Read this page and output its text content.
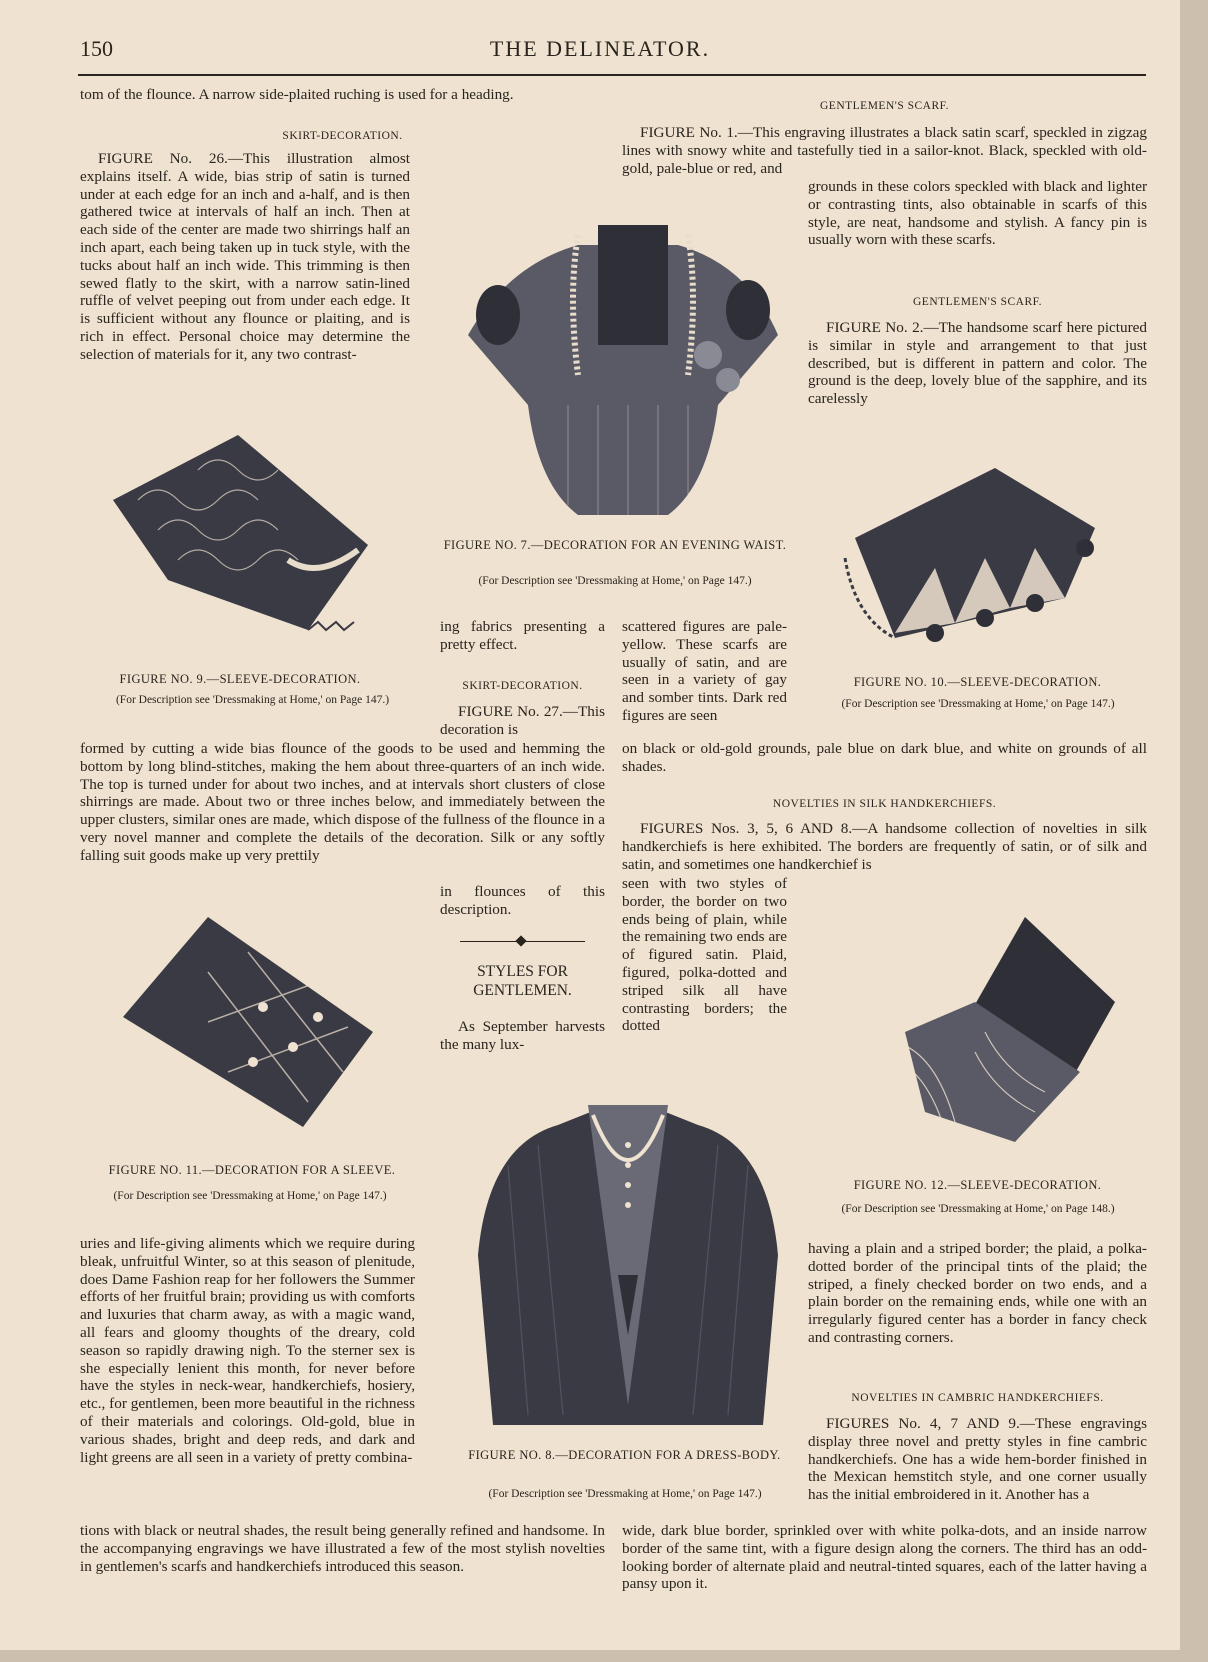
150	THE DELINEATOR.

tom of the flounce. A narrow side-plaited ruching is used for a heading.

SKIRT-DECORATION.

FIGURE No. 26.—This illustration almost explains itself. A wide, bias strip of satin is turned under at each edge for an inch and a-half, and is then gathered twice at intervals of half an inch. Then at each side of the center are made two shirrings half an inch apart, each being taken up in tuck style, with the tucks about half an inch wide. This trimming is then sewed flatly to the skirt, with a narrow satin-lined ruffle of velvet peeping out from under each edge. It is sufficient without any flounce or plaiting, and is rich in effect. Personal choice may determine the selection of materials for it, any two contrast-

FIGURE NO. 9.—SLEEVE-DECORATION.
(For Description see 'Dressmaking at Home,' on Page 147.)
FIGURE NO. 7.—DECORATION FOR AN EVENING WAIST.
(For Description see 'Dressmaking at Home,' on Page 147.)

ing fabrics presenting a pretty effect.

SKIRT-DECORATION.

FIGURE No. 27.—This decoration is

scattered figures are pale-yellow. These scarfs are usually of satin, and are seen in a variety of gay and somber tints. Dark red figures are seen

GENTLEMEN'S SCARF.

FIGURE No. 1.—This engraving illustrates a black satin scarf, speckled in zigzag lines with snowy white and tastefully tied in a sailor-knot. Black, speckled with old-gold, pale-blue or red, and

grounds in these colors speckled with black and lighter or contrasting tints, also obtainable in scarfs of this style, are neat, handsome and stylish. A fancy pin is usually worn with these scarfs.

GENTLEMEN'S SCARF.

FIGURE No. 2.—The handsome scarf here pictured is similar in style and arrangement to that just described, but is different in pattern and color. The ground is the deep, lovely blue of the sapphire, and its carelessly

FIGURE NO. 10.—SLEEVE-DECORATION.
(For Description see 'Dressmaking at Home,' on Page 147.)

formed by cutting a wide bias flounce of the goods to be used and hemming the bottom by long blind-stitches, making the hem about three-quarters of an inch wide. The top is turned under for about two inches, and at intervals short clusters of close shirrings are made. About two or three inches below, and immediately between the upper clusters, similar ones are made, which dispose of the fullness of the flounce in a very novel manner and complete the details of the decoration. Silk or any softly falling suit goods make up very prettily

in flounces of this description.

on black or old-gold grounds, pale blue on dark blue, and white on grounds of all shades.

NOVELTIES IN SILK HANDKERCHIEFS.

FIGURES Nos. 3, 5, 6 AND 8.—A handsome collection of novelties in silk handkerchiefs is here exhibited. The borders are frequently of satin, or of silk and satin, and sometimes one handkerchief is

seen with two styles of border, the border on two ends being of plain, while the remaining two ends are of figured satin. Plaid, figured, polka-dotted and striped silk all have contrasting borders; the dotted

STYLES FOR GENTLEMEN.

As September harvests the many lux-

FIGURE NO. 11.—DECORATION FOR A SLEEVE.
(For Description see 'Dressmaking at Home,' on Page 147.)
FIGURE NO. 12.—SLEEVE-DECORATION.
(For Description see 'Dressmaking at Home,' on Page 148.)
FIGURE NO. 8.—DECORATION FOR A DRESS-BODY.
(For Description see 'Dressmaking at Home,' on Page 147.)

uries and life-giving aliments which we require during bleak, unfruitful Winter, so at this season of plenitude, does Dame Fashion reap for her followers the Summer efforts of her fruitful brain; providing us with comforts and luxuries that charm away, as with a magic wand, all fears and gloomy thoughts of the dreary, cold season so rapidly drawing nigh. To the sterner sex is she especially lenient this month, for never before have the styles in neck-wear, handkerchiefs, hosiery, etc., for gentlemen, been more beautiful in the richness of their materials and colorings. Old-gold, blue in various shades, bright and deep reds, and dark and light greens are all seen in a variety of pretty combina-

tions with black or neutral shades, the result being generally refined and handsome. In the accompanying engravings we have illustrated a few of the most stylish novelties in gentlemen's scarfs and handkerchiefs introduced this season.

having a plain and a striped border; the plaid, a polka-dotted border of the principal tints of the plaid; the striped, a finely checked border on two ends, and a plain border on the remaining ends, while one with an irregularly figured center has a border in fancy check and contrasting corners.

NOVELTIES IN CAMBRIC HANDKERCHIEFS.

FIGURES No. 4, 7 AND 9.—These engravings display three novel and pretty styles in fine cambric handkerchiefs. One has a wide hem-border finished in the Mexican hemstitch style, and one corner usually has the initial embroidered in it. Another has a

wide, dark blue border, sprinkled over with white polka-dots, and an inside narrow border of the same tint, with a figure design along the corners. The third has an odd-looking border of alternate plaid and neutral-tinted squares, each of the latter having a pansy upon it.
